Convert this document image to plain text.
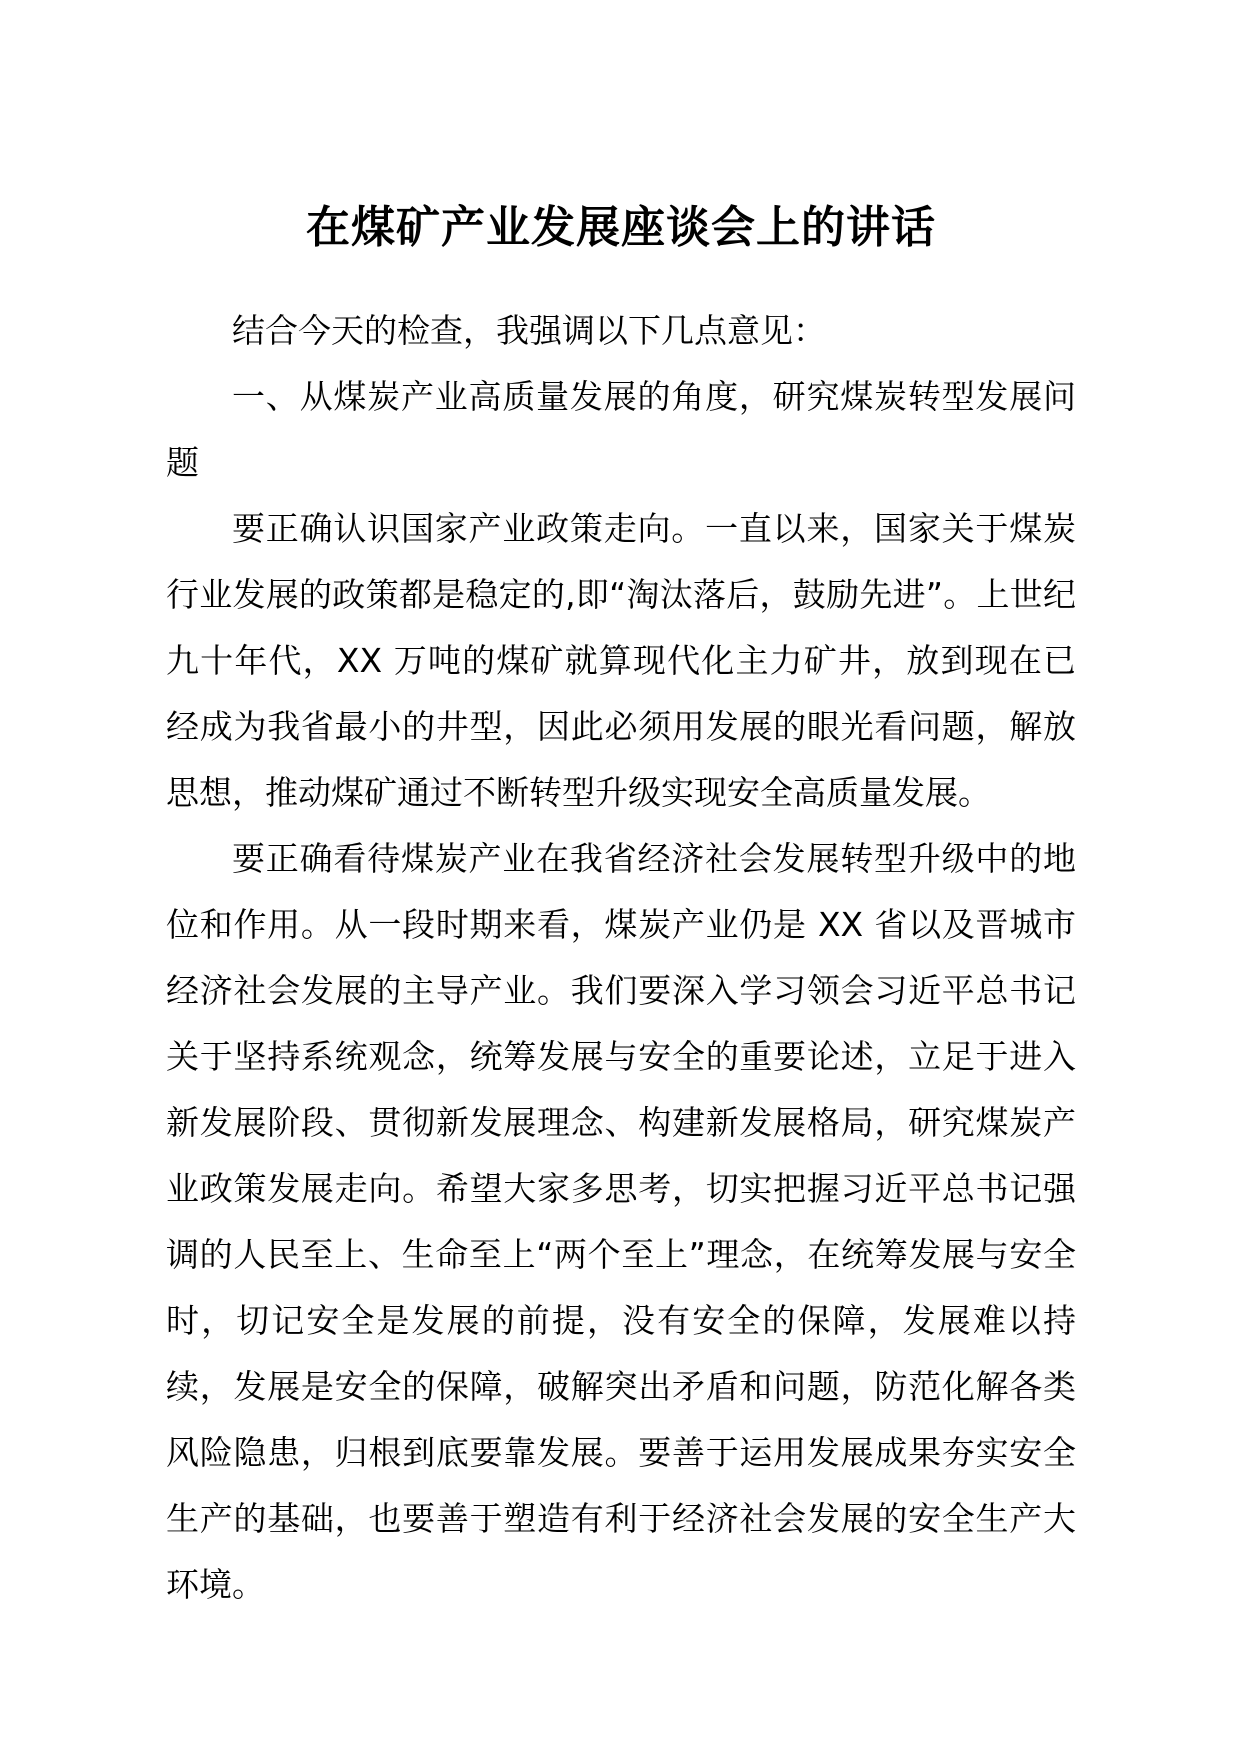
在煤矿产业发展座谈会上的讲话

结合今天的检查，我强调以下几点意见：

一、从煤炭产业高质量发展的角度，研究煤炭转型发展问题

要正确认识国家产业政策走向。一直以来，国家关于煤炭行业发展的政策都是稳定的,即“淘汰落后，鼓励先进”。上世纪九十年代，XX 万吨的煤矿就算现代化主力矿井，放到现在已经成为我省最小的井型，因此必须用发展的眼光看问题，解放思想，推动煤矿通过不断转型升级实现安全高质量发展。

要正确看待煤炭产业在我省经济社会发展转型升级中的地位和作用。从一段时期来看，煤炭产业仍是 XX 省以及晋城市经济社会发展的主导产业。我们要深入学习领会习近平总书记关于坚持系统观念，统筹发展与安全的重要论述，立足于进入新发展阶段、贯彻新发展理念、构建新发展格局，研究煤炭产业政策发展走向。希望大家多思考，切实把握习近平总书记强调的人民至上、生命至上“两个至上”理念，在统筹发展与安全时，切记安全是发展的前提，没有安全的保障，发展难以持续，发展是安全的保障，破解突出矛盾和问题，防范化解各类风险隐患，归根到底要靠发展。要善于运用发展成果夯实安全生产的基础，也要善于塑造有利于经济社会发展的安全生产大环境。
